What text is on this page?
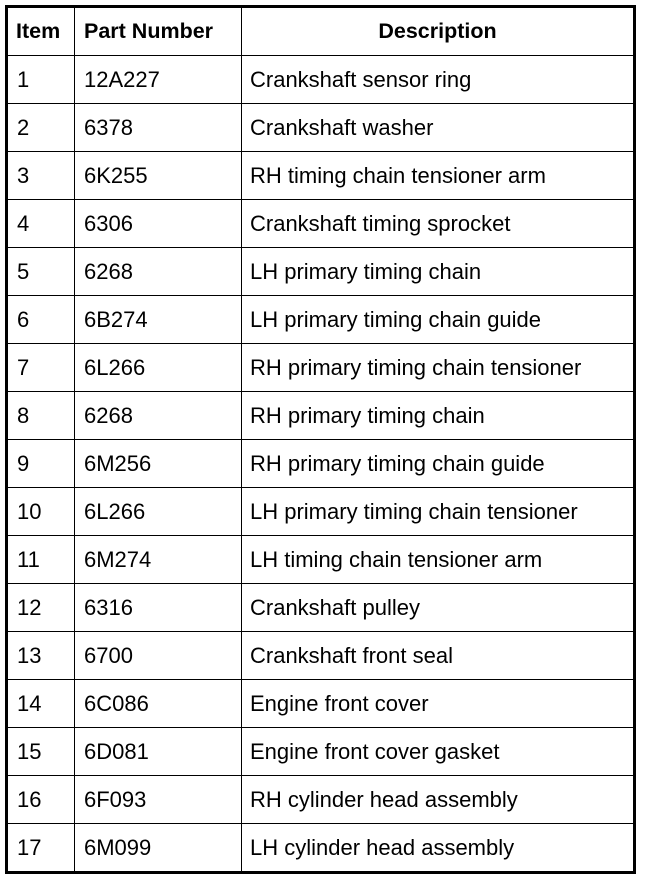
Item	Part Number	Description
1	12A227	Crankshaft sensor ring
2	6378	Crankshaft washer
3	6K255	RH timing chain tensioner arm
4	6306	Crankshaft timing sprocket
5	6268	LH primary timing chain
6	6B274	LH primary timing chain guide
7	6L266	RH primary timing chain tensioner
8	6268	RH primary timing chain
9	6M256	RH primary timing chain guide
10	6L266	LH primary timing chain tensioner
11	6M274	LH timing chain tensioner arm
12	6316	Crankshaft pulley
13	6700	Crankshaft front seal
14	6C086	Engine front cover
15	6D081	Engine front cover gasket
16	6F093	RH cylinder head assembly
17	6M099	LH cylinder head assembly
